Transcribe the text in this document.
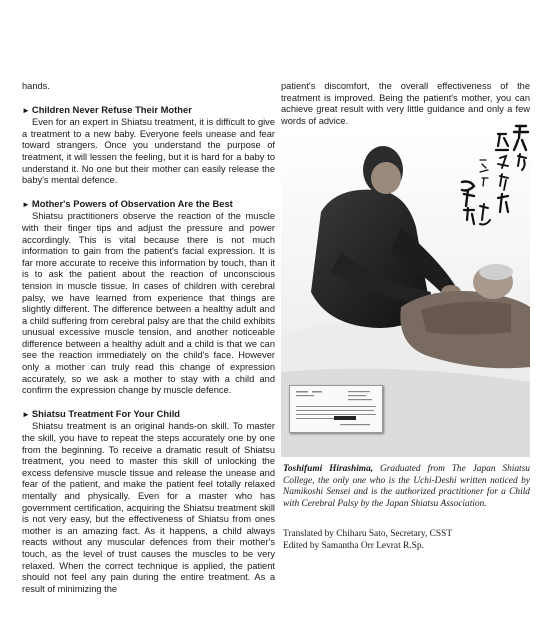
hands.

► Children Never Refuse Their Mother

Even for an expert in Shiatsu treatment, it is difficult to give a treatment to a new baby. Everyone feels unease and fear toward strangers. Once you understand the purpose of treatment, it will lessen the feeling, but it is hard for a baby to understand it. No one but their mother can easily release the baby's mental defence.

► Mother's Powers of Observation Are the Best

Shiatsu practitioners observe the reaction of the muscle with their finger tips and adjust the pressure and power accordingly. This is vital because there is not much information to gain from the patient's facial expression. It is far more accurate to receive this information by touch, than it is to ask the patient about the reaction of unconscious tension in muscle tissue. In cases of children with cerebral palsy, we have learned from experience that things are slightly different. The difference between a healthy adult and a child suffering from cerebral palsy are that the child exhibits unusual excessive muscle tension, and another noticeable difference between a healthy adult and a child is that we can see the reaction immediately on the child's face. However only a mother can truly read this change of expression accurately, so we ask a mother to stay with a child and confirm the expression change by muscle defence.

► Shiatsu Treatment For Your Child

Shiatsu treatment is an original hands-on skill. To master the skill, you have to repeat the steps accurately one by one from the beginning. To receive a dramatic result of Shiatsu treatment, you need to master this skill of unlocking the excess defensive muscle tissue and release the unease and fear of the patient, and make the patient feel totally relaxed mentally and physically. Even for a master who has government certification, acquiring the Shiatsu treatment skill is not very easy, but the effectiveness of Shiatsu from ones mother is an amazing fact. As it happens, a child always reacts without any muscular defences from their mother's touch, as the level of trust causes the muscles to be very relaxed. When the correct technique is applied, the patient should not feel any pain during the entire treatment. As a result of minimizing the

patient's discomfort, the overall effectiveness of the treatment is improved. Being the patient's mother, you can achieve great result with very little guidance and only a few words of advice.

Toshifumi Hirashima, Graduated from The Japan Shiatsu College, the only one who is the Uchi-Deshi written noticed by Namikoshi Sensei and is the authorized practitioner for a Child with Cerebral Palsy by the Japan Shiatsu Association.
Translated by Chiharu Sato, Secretary, CSST
Edited by Samantha Orr Levrat R.Sp.
